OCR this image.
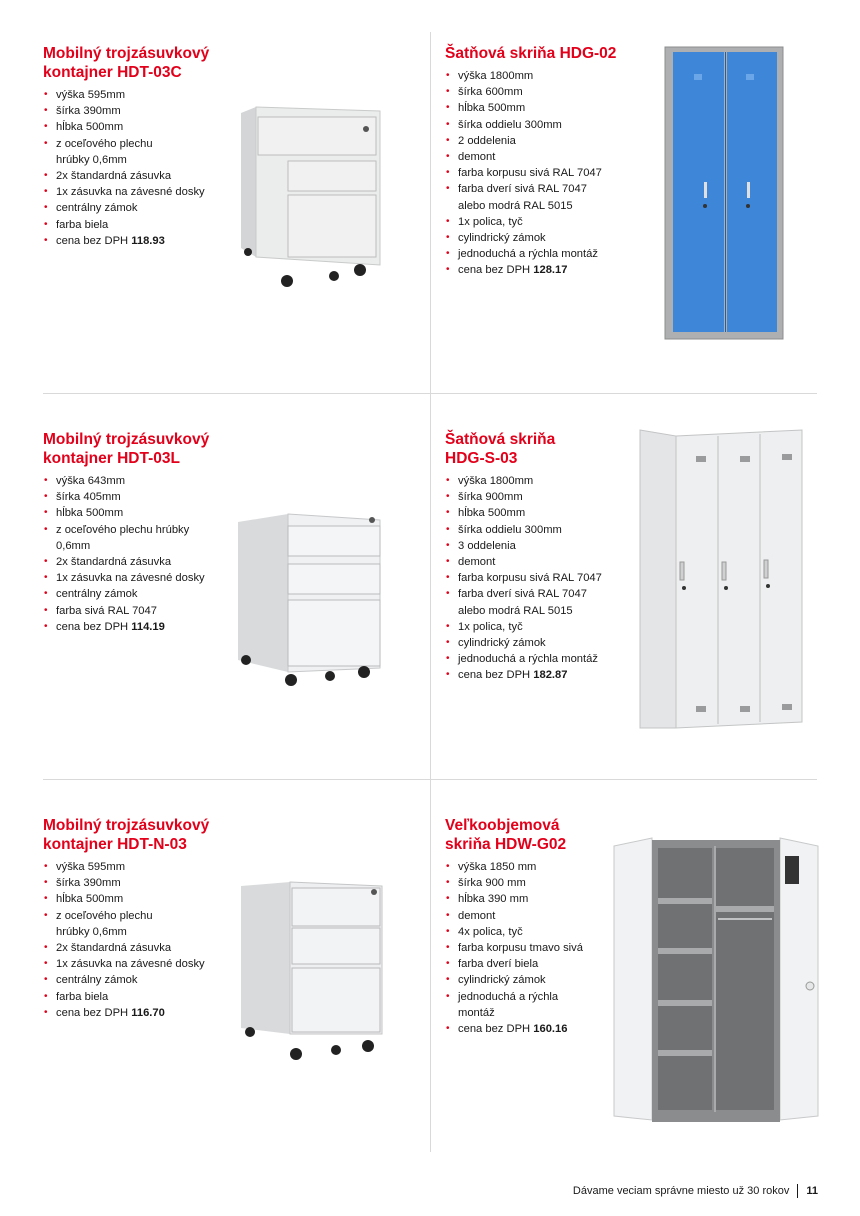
Mobilný trojzásuvkový
kontajner HDT-03C
• výška 595mm
• šírka 390mm
• hĺbka 500mm
• z oceľového plechu
hrúbky 0,6mm
• 2x štandardná zásuvka
• 1x zásuvka na závesné dosky
• centrálny zámok
• farba biela
• cena bez DPH 118.93
Šatňová skriňa HDG-02
• výška 1800mm
• šírka 600mm
• hĺbka 500mm
• šírka oddielu 300mm
• 2 oddelenia
• demont
• farba korpusu sivá RAL 7047
• farba dverí sivá RAL 7047
alebo modrá RAL 5015
• 1x polica, tyč
• cylindrický zámok
• jednoduchá a rýchla montáž
• cena bez DPH 128.17
Mobilný trojzásuvkový
kontajner HDT-03L
• výška 643mm
• šírka 405mm
• hĺbka 500mm
• z oceľového plechu hrúbky
0,6mm
• 2x štandardná zásuvka
• 1x zásuvka na závesné dosky
• centrálny zámok
• farba sivá RAL 7047
• cena bez DPH 114.19
Šatňová skriňa
HDG-S-03
• výška 1800mm
• šírka 900mm
• hĺbka 500mm
• šírka oddielu 300mm
• 3 oddelenia
• demont
• farba korpusu sivá RAL 7047
• farba dverí sivá RAL 7047
alebo modrá RAL 5015
• 1x polica, tyč
• cylindrický zámok
• jednoduchá a rýchla montáž
• cena bez DPH 182.87
Mobilný trojzásuvkový
kontajner HDT-N-03
• výška 595mm
• šírka 390mm
• hĺbka 500mm
• z oceľového plechu
hrúbky 0,6mm
• 2x štandardná zásuvka
• 1x zásuvka na závesné dosky
• centrálny zámok
• farba biela
• cena bez DPH 116.70
Veľkoobjemová
skriňa HDW-G02
• výška 1850 mm
• šírka 900 mm
• hĺbka 390 mm
• demont
• 4x polica, tyč
• farba korpusu tmavo sivá
• farba dverí biela
• cylindrický zámok
• jednoduchá a rýchla
montáž
• cena bez DPH 160.16
Dávame veciam správne miesto už 30 rokov 11
